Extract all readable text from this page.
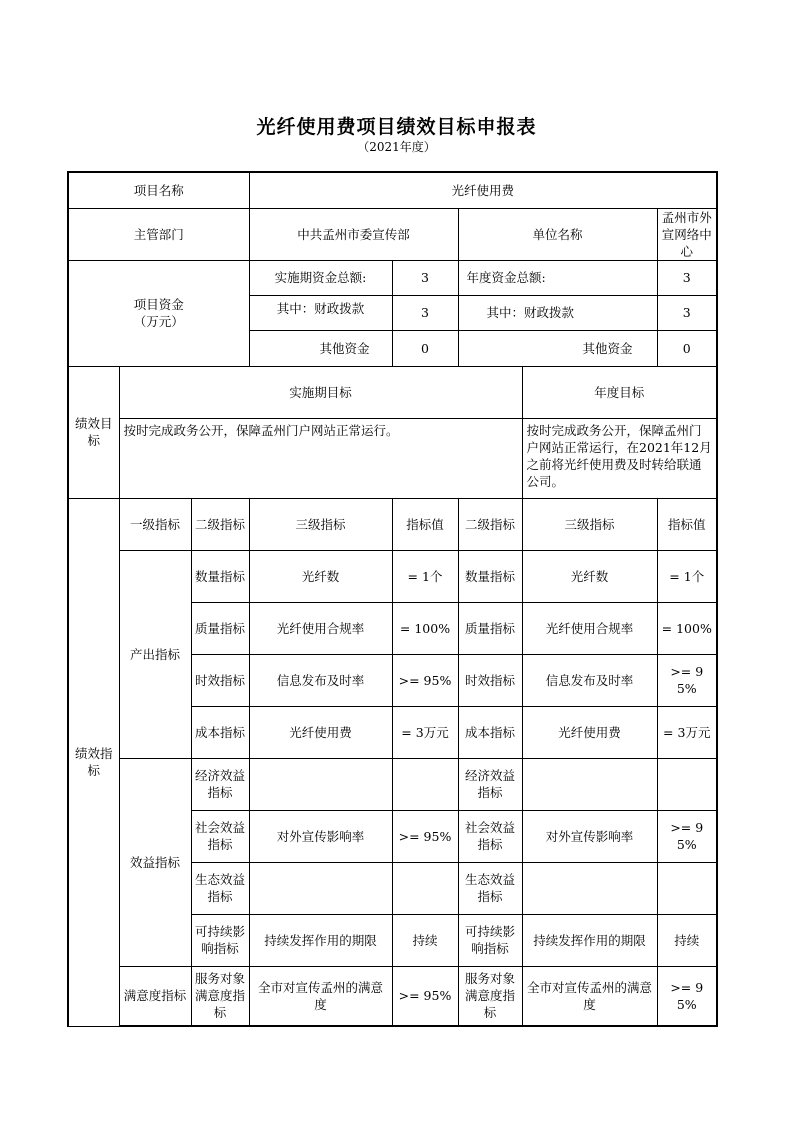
光纤使用费项目绩效目标申报表
（2021年度）
项目名称			光纤使用费				
主管部门			中共孟州市委宣传部		单位名称		孟州市外宣网络中心
项目资金
（万元）			实施期资金总额:	3	年度资金总额:		3
			其中：财政拨款	3	其中：财政拨款		3
			其他资金	0	其他资金		0
绩效目标	实施期目标					年度目标	
	按时完成政务公开，保障孟州门户网站正常运行。					按时完成政务公开，保障孟州门户网站正常运行，在2021年12月之前将光纤使用费及时转给联通公司。	
绩效指标	一级指标	二级指标	三级指标	指标值	二级指标	三级指标	指标值
	产出指标	数量指标	光纤数	= 1个	数量指标	光纤数	= 1个
		质量指标	光纤使用合规率	= 100%	质量指标	光纤使用合规率	= 100%
		时效指标	信息发布及时率	>= 95%	时效指标	信息发布及时率	>= 95%
		成本指标	光纤使用费	= 3万元	成本指标	光纤使用费	= 3万元
	效益指标	经济效益指标			经济效益指标		
		社会效益指标	对外宣传影响率	>= 95%	社会效益指标	对外宣传影响率	>= 95%
		生态效益指标			生态效益指标		
		可持续影响指标	持续发挥作用的期限	持续	可持续影响指标	持续发挥作用的期限	持续
	满意度指标	服务对象满意度指标	全市对宣传孟州的满意度	>= 95%	服务对象满意度指标	全市对宣传孟州的满意度	>= 95%
